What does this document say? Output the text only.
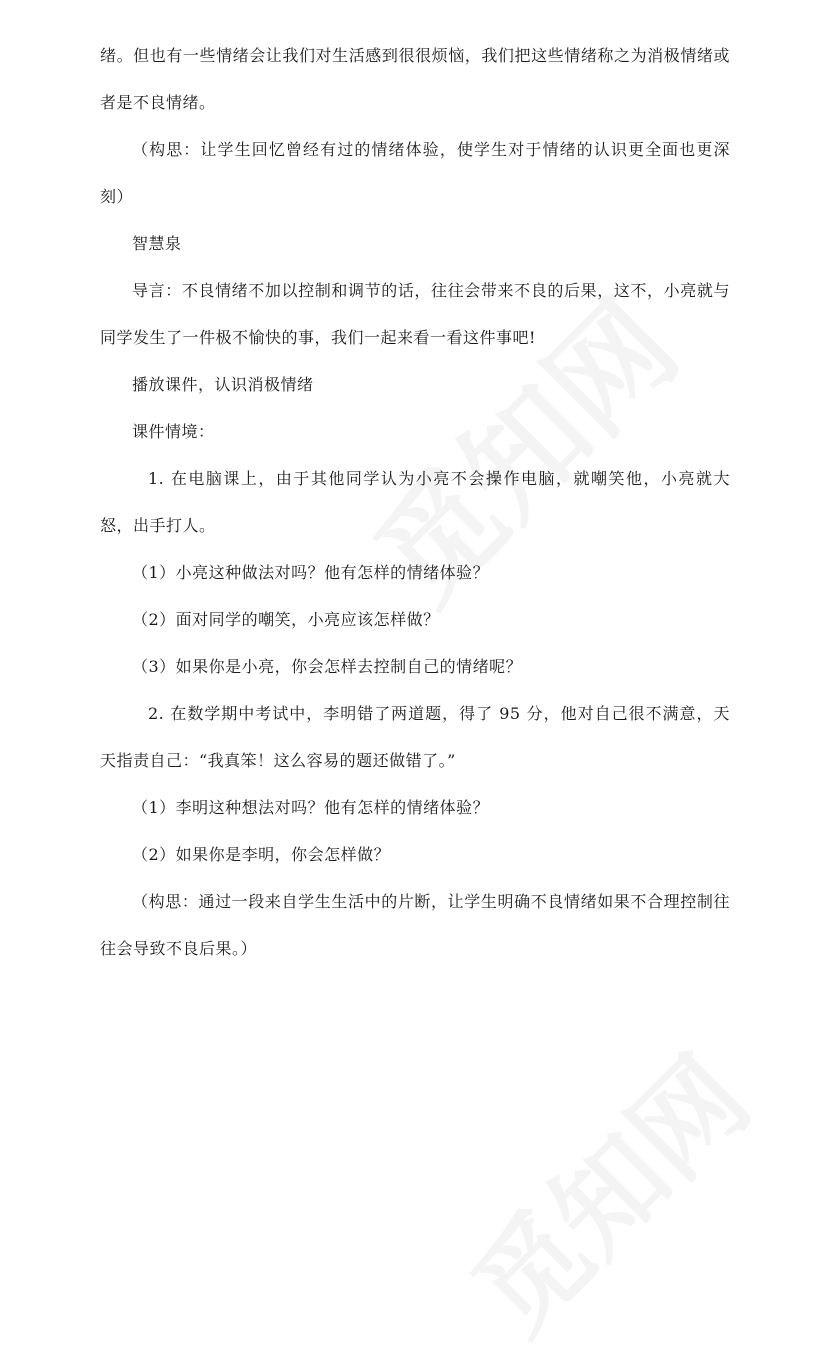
绪。但也有一些情绪会让我们对生活感到很很烦恼，我们把这些情绪称之为消极情绪或者是不良情绪。

（构思：让学生回忆曾经有过的情绪体验，使学生对于情绪的认识更全面也更深刻）

智慧泉

导言：不良情绪不加以控制和调节的话，往往会带来不良的后果，这不，小亮就与同学发生了一件极不愉快的事，我们一起来看一看这件事吧!

播放课件，认识消极情绪

课件情境：

1. 在电脑课上，由于其他同学认为小亮不会操作电脑，就嘲笑他，小亮就大怒，出手打人。

（1）小亮这种做法对吗？他有怎样的情绪体验？

（2）面对同学的嘲笑，小亮应该怎样做？

（3）如果你是小亮，你会怎样去控制自己的情绪呢？

2. 在数学期中考试中，李明错了两道题，得了 95 分，他对自己很不满意，天天指责自己：“我真笨！这么容易的题还做错了。”

（1）李明这种想法对吗？他有怎样的情绪体验？

（2）如果你是李明，你会怎样做？

（构思：通过一段来自学生生活中的片断，让学生明确不良情绪如果不合理控制往往会导致不良后果。）
